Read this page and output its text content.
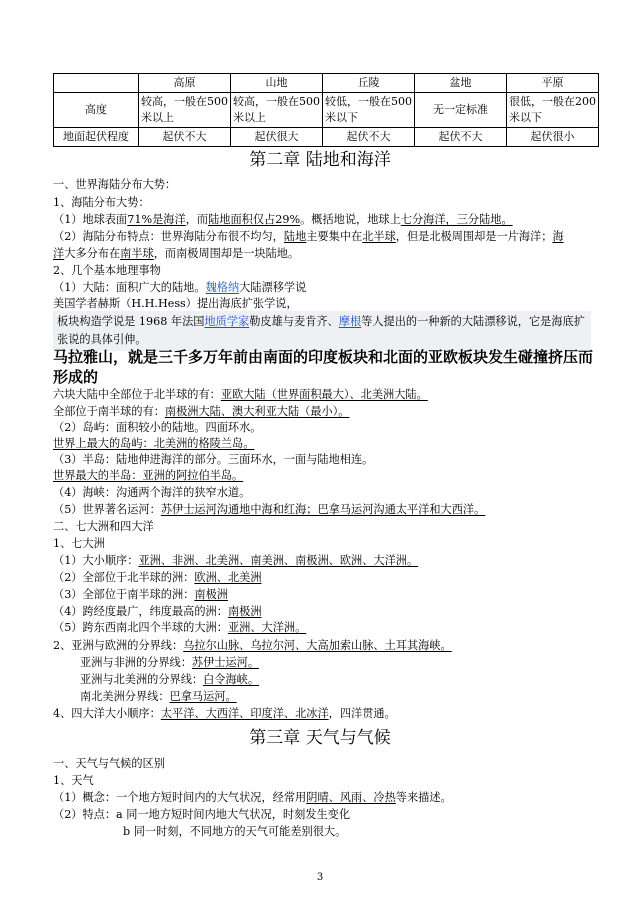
	高原	山地	丘陵	盆地	平原
高度	较高，一般在500米以上	较高，一般在500米以上	较低，一般在500米以下	无一定标准	很低，一般在200米以下
地面起伏程度	起伏不大	起伏很大	起伏不大	起伏不大	起伏很小
第二章 陆地和海洋
一、世界海陆分布大势：
1、海陆分布大势：
（1）地球表面71%是海洋，而陆地面积仅占29%。概括地说，地球上七分海洋，三分陆地。
（2）海陆分布特点：世界海陆分布很不均匀，陆地主要集中在北半球，但是北极周围却是一片海洋；海
洋大多分布在南半球，而南极周围却是一块陆地。
2、几个基本地理事物
（1）大陆：面积广大的陆地。魏格纳大陆漂移学说
美国学者赫斯（H.H.Hess）提出海底扩张学说，
板块构造学说是 1968 年法国地质学家勒皮雄与麦肯齐、摩根等人提出的一种新的大陆漂移说，它是海底扩张说的具体引伸。
马拉雅山，就是三千多万年前由南面的印度板块和北面的亚欧板块发生碰撞挤压而形成的
六块大陆中全部位于北半球的有：亚欧大陆（世界面积最大）、北美洲大陆。
全部位于南半球的有：南极洲大陆、澳大利亚大陆（最小）。
（2）岛屿：面积较小的陆地。四面环水。
世界上最大的岛屿：北美洲的格陵兰岛。
（3）半岛：陆地伸进海洋的部分。三面环水，一面与陆地相连。
世界最大的半岛：亚洲的阿拉伯半岛。
（4）海峡：沟通两个海洋的狭窄水道。
（5）世界著名运河：苏伊士运河沟通地中海和红海；巴拿马运河沟通太平洋和大西洋。
二、七大洲和四大洋
1、七大洲
（1）大小顺序：亚洲、非洲、北美洲、南美洲、南极洲、欧洲、大洋洲。
（2）全部位于北半球的洲：欧洲、北美洲
（3）全部位于南半球的洲：南极洲
（4）跨经度最广，纬度最高的洲：南极洲
（5）跨东西南北四个半球的大洲：亚洲、大洋洲。
2、亚洲与欧洲的分界线：乌拉尔山脉、乌拉尔河、大高加索山脉、土耳其海峡。
亚洲与非洲的分界线：苏伊士运河。
亚洲与北美洲的分界线：白令海峡。
南北美洲分界线：巴拿马运河。
4、四大洋大小顺序：太平洋、大西洋、印度洋、北冰洋，四洋贯通。
第三章 天气与气候
一、天气与气候的区别
1、天气
（1）概念：一个地方短时间内的大气状况，经常用阴晴、风雨、冷热等来描述。
（2）特点：a 同一地方短时间内地大气状况，时刻发生变化
b 同一时刻，不同地方的天气可能差别很大。
3
